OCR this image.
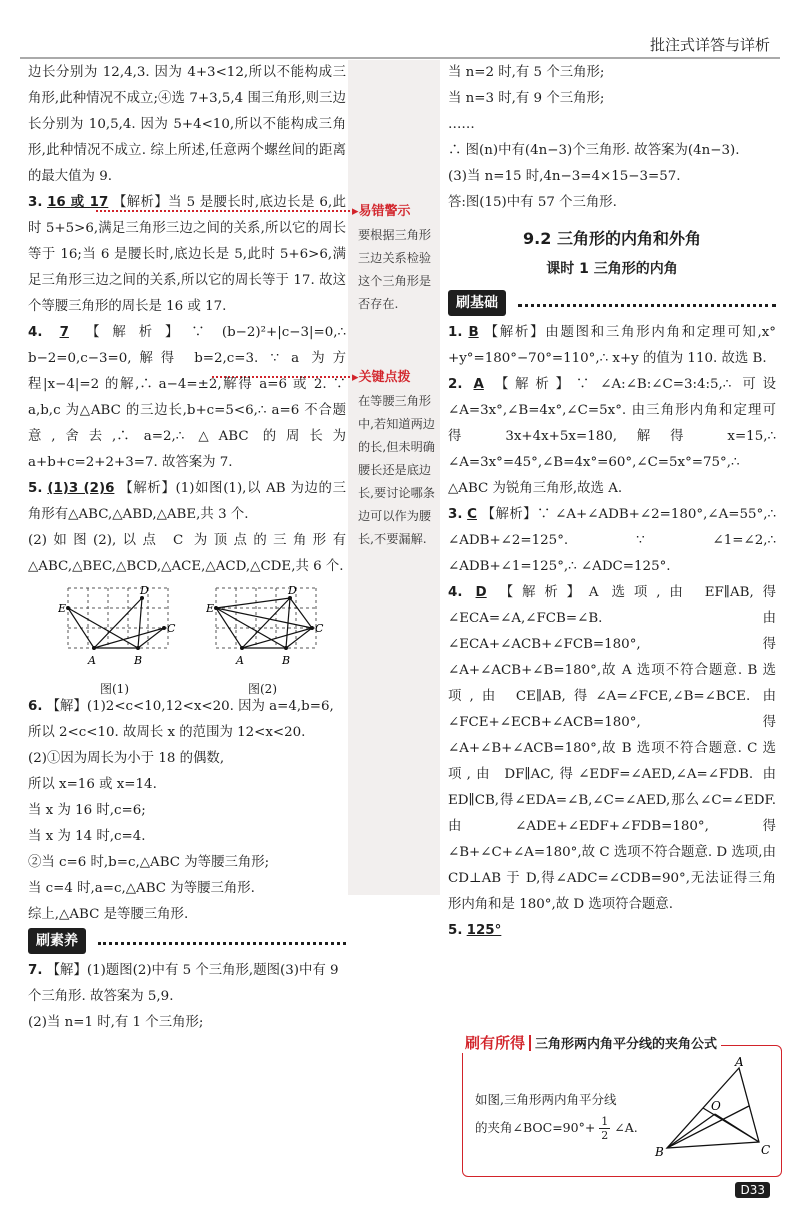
批注式详答与详析
▸易错警示
要根据三角形三边关系检验这个三角形是否存在.
▸关键点拨
在等腰三角形中,若知道两边的长,但未明确腰长还是底边长,要讨论哪条边可以作为腰长,不要漏解.

边长分别为 12,4,3. 因为 4+3<12,所以不能构成三角形,此种情况不成立;④选 7+3,5,4 围三角形,则三边长分别为 10,5,4. 因为 5+4<10,所以不能构成三角形,此种情况不成立. 综上所述,任意两个螺丝间的距离的最大值为 9.

3. 16 或 17 【解析】当 5 是腰长时,底边长是 6,此时 5+5>6,满足三角形三边之间的关系,所以它的周长等于 16;当 6 是腰长时,底边长是 5,此时 5+6>6,满足三角形三边之间的关系,所以它的周长等于 17. 故这个等腰三角形的周长是 16 或 17.

4. 7 【解析】∵ (b−2)²+|c−3|=0,∴ b−2=0,c−3=0,解得 b=2,c=3. ∵ a 为方程|x−4|=2 的解,∴ a−4=±2,解得 a=6 或 2. ∵ a,b,c 为△ABC 的三边长,b+c=5<6,∴ a=6 不合题意,舍去,∴ a=2,∴ △ABC 的周长为 a+b+c=2+2+3=7. 故答案为 7.

5. (1)3 (2)6 【解析】(1)如图(1),以 AB 为边的三角形有△ABC,△ABD,△ABE,共 3 个.

(2)如图(2),以点 C 为顶点的三角形有△ABC,△BEC,△BCD,△ACE,△ACD,△CDE,共 6 个.

E
D
C
A	B
图(1)
E
D
C
A	B
图(2)
6. 【解】(1)2<c<10,12<x<20. 因为 a=4,b=6,所以 2<c<10. 故周长 x 的范围为 12<x<20.
(2)①因为周长为小于 18 的偶数,
所以 x=16 或 x=14.
当 x 为 16 时,c=6;
当 x 为 14 时,c=4.
②当 c=6 时,b=c,△ABC 为等腰三角形;
当 c=4 时,a=c,△ABC 为等腰三角形.
综上,△ABC 是等腰三角形.
刷素养
7. 【解】(1)题图(2)中有 5 个三角形,题图(3)中有 9 个三角形. 故答案为 5,9.
(2)当 n=1 时,有 1 个三角形;
当 n=2 时,有 5 个三角形;
当 n=3 时,有 9 个三角形;
……
∴ 图(n)中有(4n−3)个三角形. 故答案为(4n−3).
(3)当 n=15 时,4n−3=4×15−3=57.
答:图(15)中有 57 个三角形.
9.2 三角形的内角和外角
课时 1 三角形的内角
刷基础

1. B 【解析】由题图和三角形内角和定理可知,x°+y°=180°−70°=110°,∴ x+y 的值为 110. 故选 B.

2. A 【解析】∵ ∠A:∠B:∠C=3:4:5,∴ 可设∠A=3x°,∠B=4x°,∠C=5x°. 由三角形内角和定理可得 3x+4x+5x=180,解得 x=15,∴ ∠A=3x°=45°,∠B=4x°=60°,∠C=5x°=75°,∴ △ABC 为锐角三角形,故选 A.

3. C 【解析】∵ ∠A+∠ADB+∠2=180°,∠A=55°,∴ ∠ADB+∠2=125°. ∵ ∠1=∠2,∴ ∠ADB+∠1=125°,∴ ∠ADC=125°.

4. D 【解析】A 选项,由 EF∥AB,得∠ECA=∠A,∠FCB=∠B. 由∠ECA+∠ACB+∠FCB=180°,得∠A+∠ACB+∠B=180°,故 A 选项不符合题意. B 选项,由 CE∥AB,得∠A=∠FCE,∠B=∠BCE. 由∠FCE+∠ECB+∠ACB=180°,得∠A+∠B+∠ACB=180°,故 B 选项不符合题意. C 选项,由 DF∥AC,得∠EDF=∠AED,∠A=∠FDB. 由 ED∥CB,得∠EDA=∠B,∠C=∠AED,那么∠C=∠EDF. 由∠ADE+∠EDF+∠FDB=180°,得∠B+∠C+∠A=180°,故 C 选项不符合题意. D 选项,由 CD⊥AB 于 D,得∠ADC=∠CDB=90°,无法证得三角形内角和是 180°,故 D 选项符合题意.

5. 125°

刷有所得 三角形两内角平分线的夹角公式
如图,三角形两内角平分线
的夹角∠BOC=90°+ $\frac{1}{2}$ ∠A.
A
B	C
O
D33
